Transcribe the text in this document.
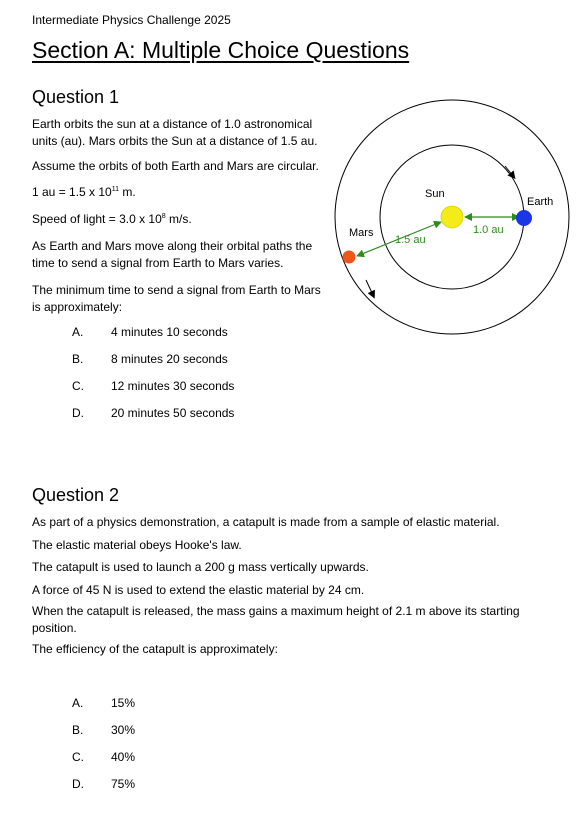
Intermediate Physics Challenge 2025
Section A: Multiple Choice Questions
Question 1
Earth orbits the sun at a distance of 1.0 astronomical units (au). Mars orbits the Sun at a distance of 1.5 au.
Assume the orbits of both Earth and Mars are circular.
1 au = 1.5 x $10^{11}$ m.
Speed of light = 3.0 x $10^8$ m/s.
As Earth and Mars move along their orbital paths the time to send a signal from Earth to Mars varies.
The minimum time to send a signal from Earth to Mars is approximately:
A. 4 minutes 10 seconds
B. 8 minutes 20 seconds
C. 12 minutes 30 seconds
D. 20 minutes 50 seconds
Sun
Earth
Mars	1.0 au
1.5 au
Question 2
As part of a physics demonstration, a catapult is made from a sample of elastic material.
The elastic material obeys Hooke's law.
The catapult is used to launch a 200 g mass vertically upwards.
A force of 45 N is used to extend the elastic material by 24 cm.
When the catapult is released, the mass gains a maximum height of 2.1 m above its starting position.
The efficiency of the catapult is approximately:
A. 15%
B. 30%
C. 40%
D. 75%
